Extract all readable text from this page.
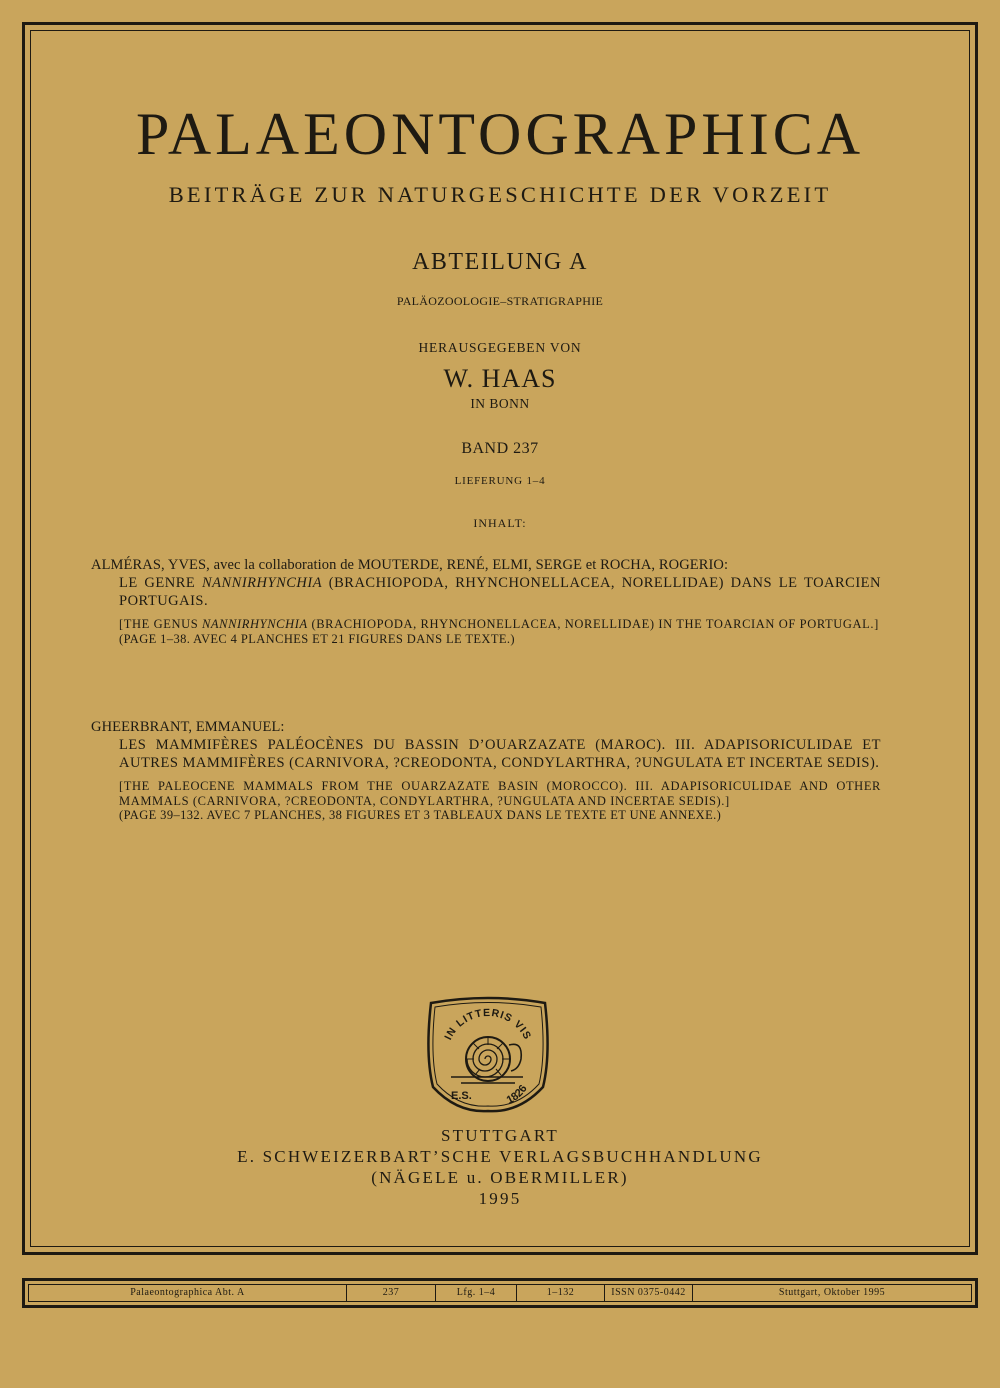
PALAEONTOGRAPHICA
BEITRÄGE ZUR NATURGESCHICHTE DER VORZEIT
ABTEILUNG A
PALÄOZOOLOGIE–STRATIGRAPHIE
HERAUSGEGEBEN VON
W. HAAS
IN BONN
BAND 237
LIEFERUNG 1–4
INHALT:
ALMÉRAS, YVES, avec la collaboration de MOUTERDE, RENÉ, ELMI, SERGE et ROCHA, ROGERIO:
LE GENRE NANNIRHYNCHIA (BRACHIOPODA, RHYNCHONELLACEA, NORELLIDAE) DANS LE TOARCIEN PORTUGAIS.
[THE GENUS NANNIRHYNCHIA (BRACHIOPODA, RHYNCHONELLACEA, NORELLIDAE) IN THE TOARCIAN OF PORTUGAL.]
(PAGE 1–38. AVEC 4 PLANCHES ET 21 FIGURES DANS LE TEXTE.)
GHEERBRANT, EMMANUEL:
LES MAMMIFÈRES PALÉOCÈNES DU BASSIN D’OUARZAZATE (MAROC). III. ADAPISORICULIDAE ET AUTRES MAMMIFÈRES (CARNIVORA, ?CREODONTA, CONDYLARTHRA, ?UNGULATA ET INCERTAE SEDIS).
[THE PALEOCENE MAMMALS FROM THE OUARZAZATE BASIN (MOROCCO). III. ADAPISORICULIDAE AND OTHER MAMMALS (CARNIVORA, ?CREODONTA, CONDYLARTHRA, ?UNGULATA AND INCERTAE SEDIS).]
(PAGE 39–132. AVEC 7 PLANCHES, 38 FIGURES ET 3 TABLEAUX DANS LE TEXTE ET UNE ANNEXE.)
IN LITTERIS VIS
E.S.	1826
STUTTGART
E. SCHWEIZERBART’SCHE VERLAGSBUCHHANDLUNG
(NÄGELE u. OBERMILLER)
1995
Palaeontographica Abt. A	237	Lfg. 1–4	1–132	ISSN 0375-0442	Stuttgart, Oktober 1995
